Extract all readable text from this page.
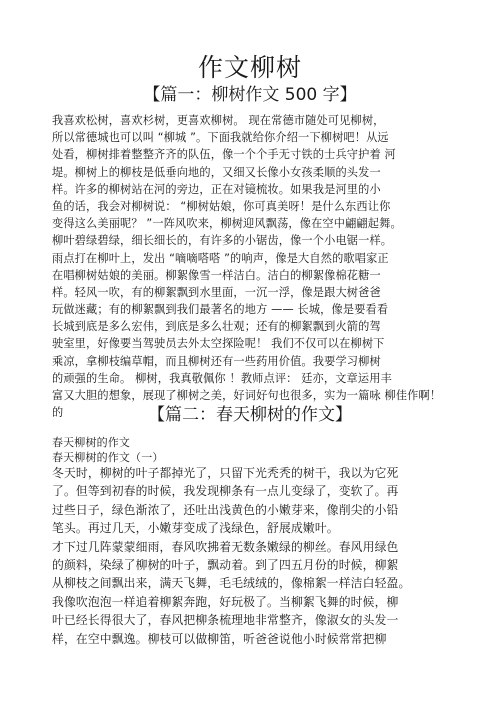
作文柳树
【篇一：柳树作文 500 字】
我喜欢松树，喜欢杉树，更喜欢柳树。 现在常德市随处可见柳树，
所以常德城也可以叫 “柳城 ”。下面我就给你介绍一下柳树吧！从远
处看，柳树排着整整齐齐的队伍，像一个个手无寸铁的士兵守护着 河
堤。柳树上的柳枝是低垂向地的，又细又长像小女孩柔顺的头发一
样。许多的柳树站在河的旁边，正在对镜梳妆。如果我是河里的小
鱼的话，我会对柳树说： “柳树姑娘，你可真美呀！是什么东西让你
变得这么美丽呢？ ”一阵风吹来，柳树迎风飘荡，像在空中翩翩起舞。
柳叶碧绿碧绿，细长细长的，有许多的小锯齿，像一个小电锯一样。
雨点打在柳叶上，发出 “嘀嘀嗒嗒 ”的响声，像是大自然的歌唱家正
在唱柳树姑娘的美丽。柳絮像雪一样洁白。洁白的柳絮像棉花糖一
样。轻风一吹，有的柳絮飘到水里面，一沉一浮，像是跟大树爸爸
玩做迷藏；有的柳絮飘到我们最著名的地方 —— 长城，像是要看看
长城到底是多么宏伟，到底是多么壮观；还有的柳絮飘到火箭的驾
驶室里，好像要当驾驶员去外太空探险呢！ 我们不仅可以在柳树下
乘凉，拿柳枝编草帽，而且柳树还有一些药用价值。我要学习柳树
的顽强的生命。 柳树，我真敬佩你 ！教师点评： 廷亦，文章运用丰
富又大胆的想象，展现了柳树之美，好词好句也很多，实为一篇咏 柳佳作啊！
的	【篇二：春天柳树的作文】
春天柳树的作文
春天柳树的作文（一）
冬天时，柳树的叶子都掉光了，只留下光秃秃的树干，我以为它死
了。但等到初春的时候，我发现柳条有一点儿变绿了，变软了。再
过些日子，绿色渐浓了，还吐出浅黄色的小嫩芽来，像削尖的小铅
笔头。再过几天，小嫩芽变成了浅绿色，舒展成嫩叶。
才下过几阵蒙蒙细雨，春风吹拂着无数条嫩绿的柳丝。春风用绿色
的颜料，染绿了柳树的叶子，飘动着。到了四五月份的时候，柳絮
从柳枝之间飘出来，满天飞舞，毛毛绒绒的，像棉絮一样洁白轻盈。
我像吹泡泡一样追着柳絮奔跑，好玩极了。当柳絮飞舞的时候，柳
叶已经长得很大了，春风把柳条梳理地非常整齐，像淑女的头发一
样，在空中飘逸。柳枝可以做柳笛，听爸爸说他小时候常常把柳
